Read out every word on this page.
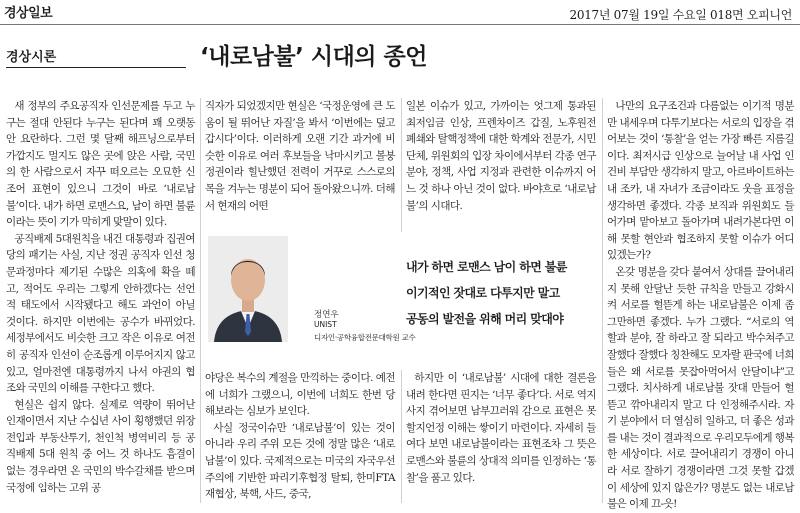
경상일보	2017년 07월 19일 수요일 018면 오피니언
경상시론	‘내로남불’ 시대의 종언

새 정부의 주요공직자 인선문제를 두고 누구는 절대 안된다 누구는 된다며 꽤 오랫동안 요란하다. 그런 몇 달째 해프닝으로부터 가깝지도 멀지도 않은 곳에 앉은 사람, 국민의 한 사람으로서 자꾸 떠오르는 오묘한 신조어 표현이 있으니 그것이 바로 ‘내로남불’이다. 내가 하면 로맨스요, 남이 하면 불륜이라는 뜻이 기가 막히게 맞말이 있다.

공직배제 5대원칙을 내건 대통령과 집권여당의 패기는 사실, 지난 정권 공직자 인선 청문과정마다 제기된 수많은 의혹에 확을 떼고, 적어도 우리는 그렇게 안하겠다는 선언적 태도에서 시작됐다고 해도 과언이 아닐 것이다. 하지만 이번에는 공수가 바뀌었다. 세정부에서도 비슷한 크고 작은 이유로 여전히 공직자 인선이 순조롭게 이루어지지 않고 있고, 얼마전엔 대통령까지 나서 야권의 협조와 국민의 이해를 구한다고 했다.

현실은 쉽지 않다. 실제로 역량이 뛰어난 인재이면서 지난 수십년 사이 횡행했던 위장전입과 부동산투기, 천인척 병역비리 등 공직배제 5대 원칙 중 어느 것 하나도 흠결이 없는 경우라면 온 국민의 박수갈채를 받으며 국정에 임하는 고위 공

직자가 되었겠지만 현실은 ‘국정운영에 큰 도움이 될 뛰어난 자질’을 봐서 ‘이번에는 덮고 갑시다’이다. 이러하게 오랜 기간 과거에 비슷한 이유로 여러 후보들을 낙마시키고 볼붕 정권이라 힐난했던 전력이 거꾸로 스스로의 목을 겨누는 명분이 되어 돌아왔으니까. 더해서 현재의 어떤

일본 이슈가 있고, 가까이는 엇그제 통과된 최저임금 인상, 프렌차이즈 갑질, 노후원전 폐쇄와 탈핵정책에 대한 학계와 전문가, 시민단체, 위원회의 입장 차이에서부터 각종 연구분야, 정책, 사업 지정과 관련한 이슈까지 어느 것 하나 아닌 것이 없다. 바야흐로 ‘내로남불’의 시대다.

나만의 요구조건과 다름없는 이기적 명분만 내세우며 다투기보다는 서로의 입장을 겪어보는 것이 ‘통찰’을 얻는 가장 빠른 지름길이다. 최저시급 인상으로 늘어날 내 사업 인건비 부담만 생각하지 말고, 아르바이트하는 내 조카, 내 자녀가 조금이라도 웃을 표정을 생각하면 좋겠다. 각종 보직과 위원회도 들어가며 맡아보고 돌아가며 내려가본다면 이해 못할 현안과 협조하지 못할 이슈가 어디 있겠는가?

온갖 명분을 갖다 붙여서 상대를 끌어내리지 못해 안달난 듯한 규칙을 만들고 강화시켜 서로를 헐뜯게 하는 내로남불은 이제 좀 그만하면 좋겠다. 누가 그랬다. “서로의 역할과 분야, 잘 하라고 잘 되라고 박수쳐주고 잘했다 잘했다 칭찬해도 모자랄 판국에 너희들은 왜 서로를 못잡아먹어서 안달이냐”고 그랬다. 치사하게 내로남불 잣대 만들어 헐뜯고 깎아내리지 말고 다 인정해주시라. 자기 분야에서 더 열심히 일하고, 더 좋은 성과를 내는 것이 결과적으로 우리모두에게 행복한 세상이다. 서로 끌어내리기 경쟁이 아니라 서로 잘하기 경쟁이라면 그것 못할 갑겠이 세상에 있지 않은가? 명분도 없는 내로남불은 이제 끄-읏!

정연우
UNIST
디자인·공학융합전문대학원 교수
내가 하면 로맨스 남이 하면 불륜
이기적인 잣대로 다투지만 말고
공동의 발전을 위해 머리 맞대야

야당은 복수의 계절을 만끽하는 중이다. 예전에 너희가 그랬으니, 이번에 너희도 한번 당해보라는 심보가 보인다.

사실 정국이슈만 ‘내로남불’이 있는 것이 아니라 우리 주위 모든 것에 정말 많은 ‘내로남불’이 있다. 국제적으로는 미국의 자국우선주의에 기반한 파리기후협정 탈퇴, 한미FTA 재협상, 북핵, 사드, 중국,

하지만 이 ‘내로남불’ 시대에 대한 결론을 내려 한다면 핀지는 ‘너무 좋다’다. 서로 역지사지 겪어보면 남부끄러워 감으로 표현은 못할지언정 이해는 쌓이기 마련이다. 자세히 들여다 보면 내로남불이라는 표현조차 그 뜻은 로맨스와 불륜의 상대적 의미를 인정하는 ‘통찰’을 품고 있다.
